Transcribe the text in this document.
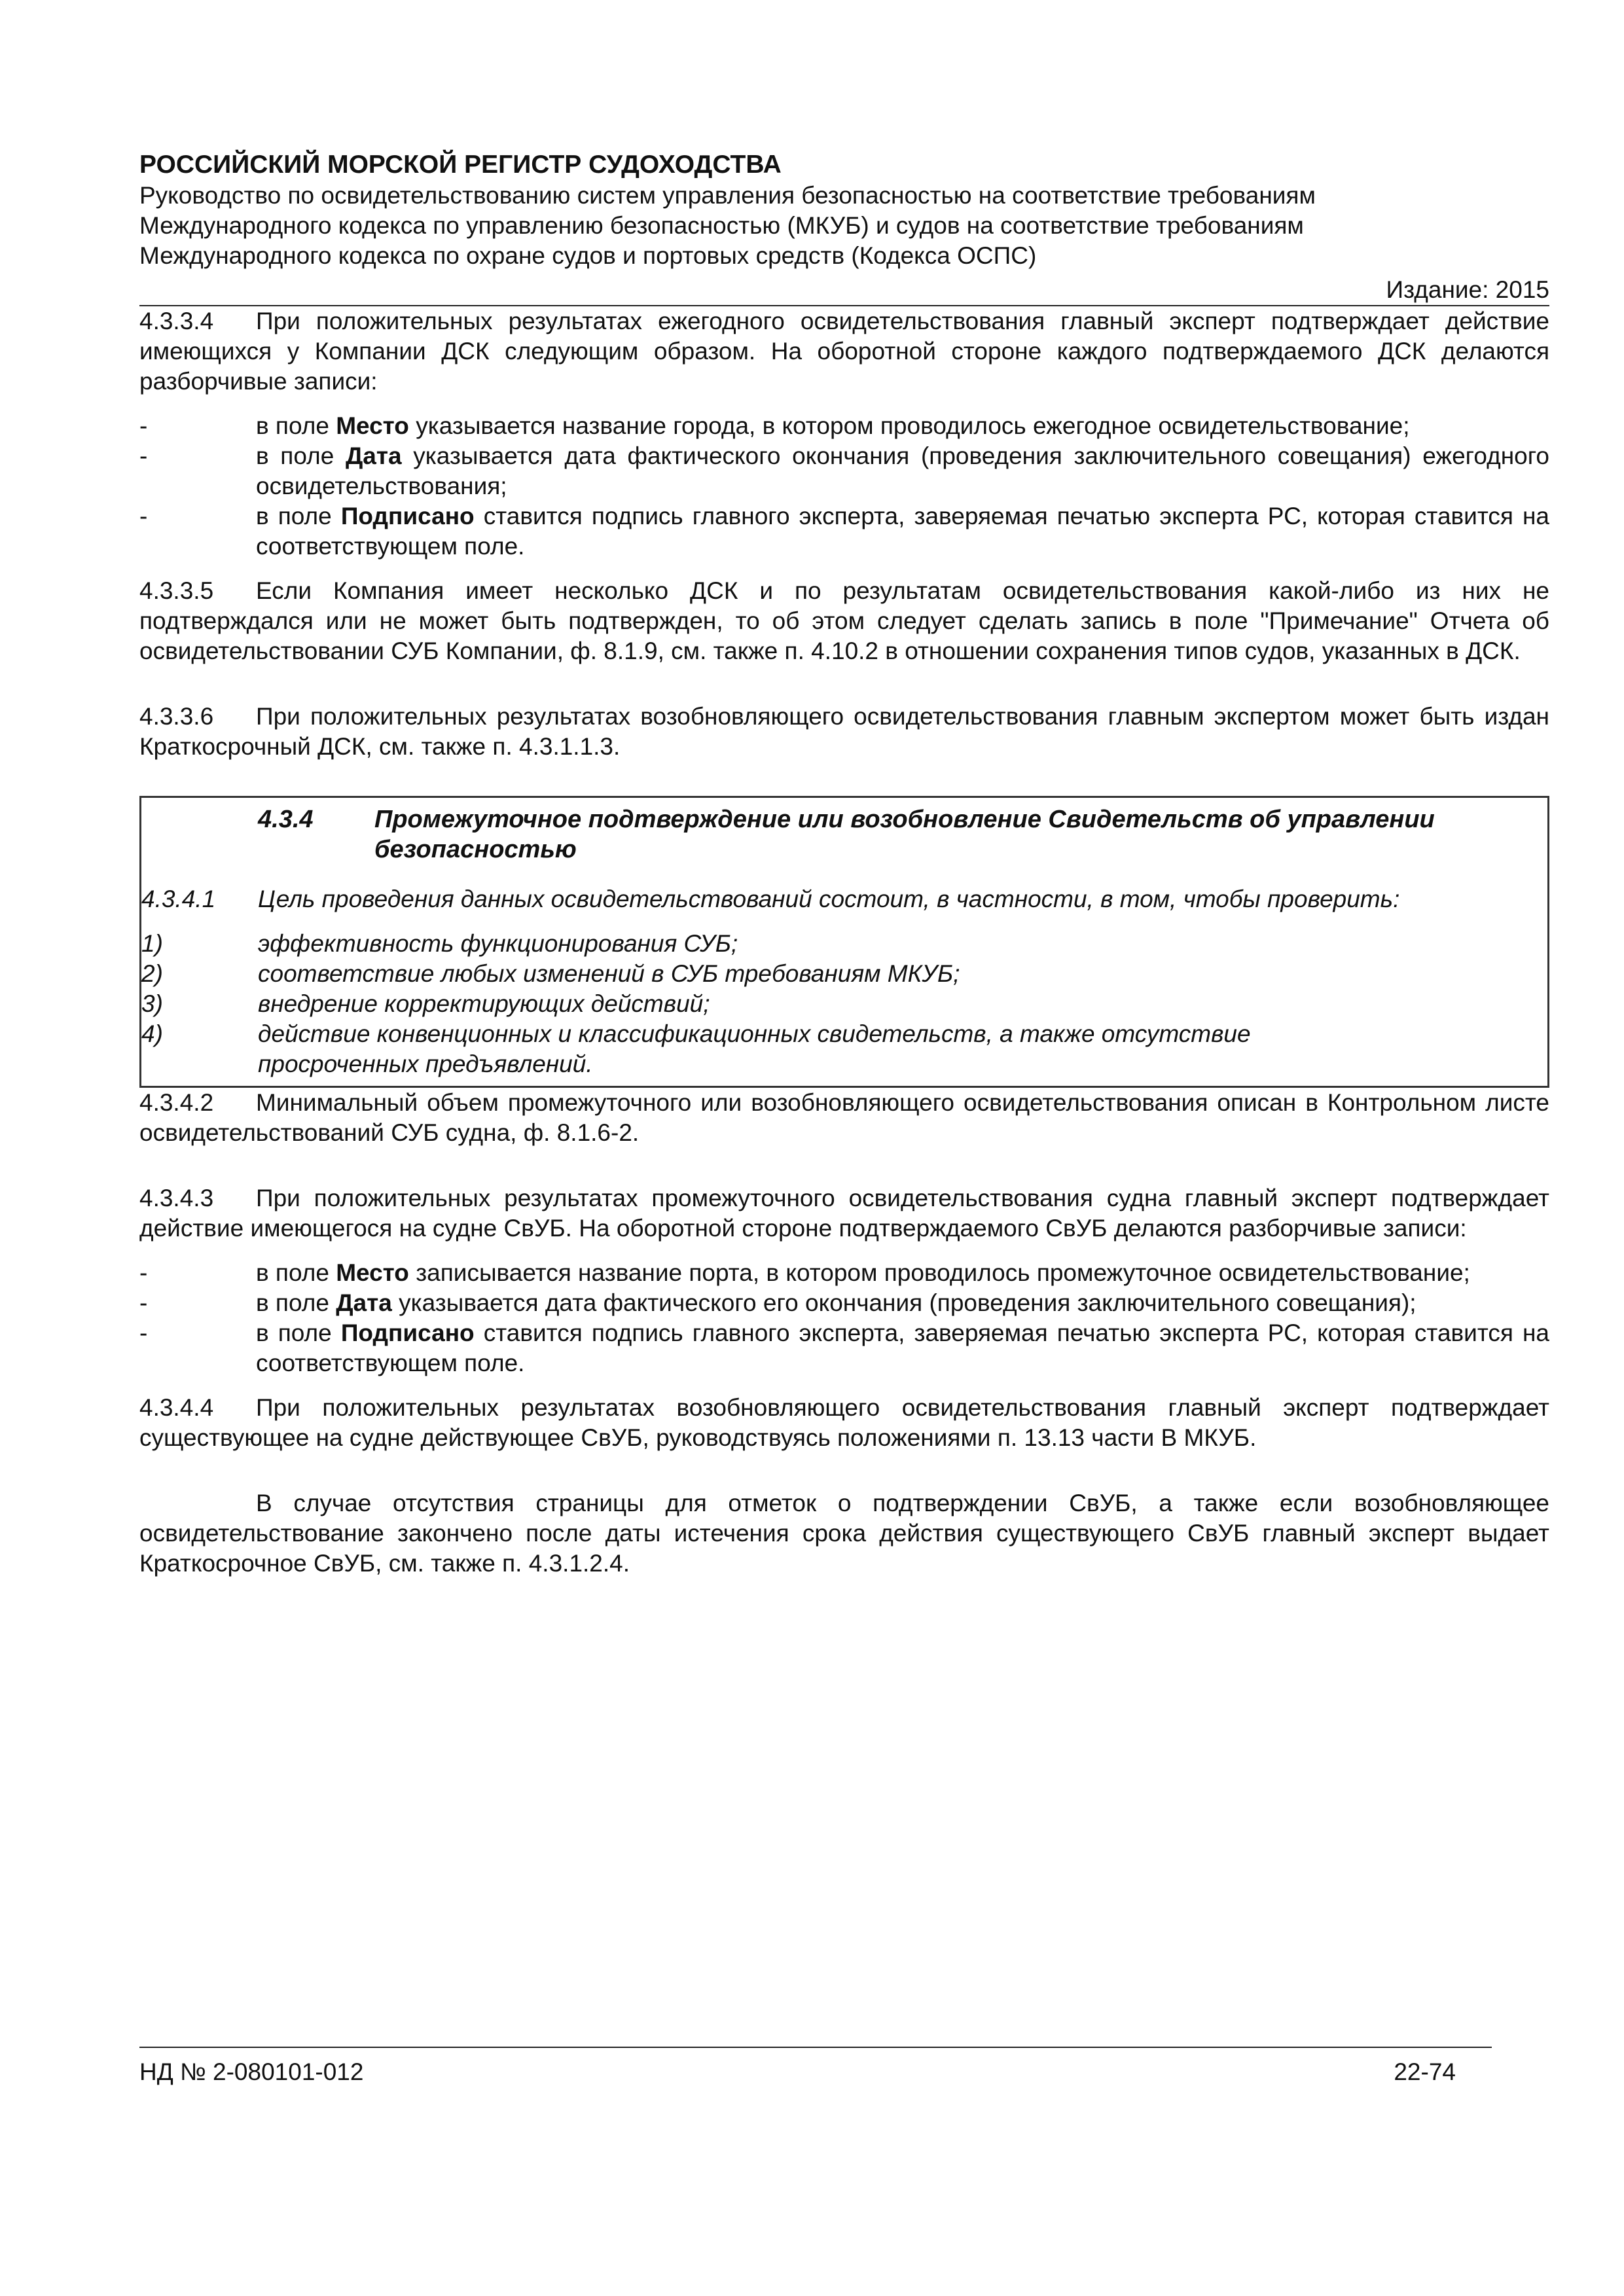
РОССИЙСКИЙ МОРСКОЙ РЕГИСТР СУДОХОДСТВА
Руководство по освидетельствованию систем управления безопасностью на соответствие требованиям
Международного кодекса по управлению безопасностью (МКУБ) и судов на соответствие требованиям
Международного кодекса по охране судов и портовых средств (Кодекса ОСПС)
Издание: 2015

4.3.3.4 При положительных результатах ежегодного освидетельствования главный эксперт подтверждает действие имеющихся у Компании ДСК следующим образом. На оборотной стороне каждого подтверждаемого ДСК делаются разборчивые записи:

-	в поле Место указывается название города, в котором проводилось ежегодное освидетельствование;
-	в поле Дата указывается дата фактического окончания (проведения заключительного совещания) ежегодного освидетельствования;
-	в поле Подписано ставится подпись главного эксперта, заверяемая печатью эксперта РС, которая ставится на соответствующем поле.

4.3.3.5 Если Компания имеет несколько ДСК и по результатам освидетельствования какой-либо из них не подтверждался или не может быть подтвержден, то об этом следует сделать запись в поле "Примечание" Отчета об освидетельствовании СУБ Компании, ф. 8.1.9, см. также п. 4.10.2 в отношении сохранения типов судов, указанных в ДСК.

4.3.3.6 При положительных результатах возобновляющего освидетельствования главным экспертом может быть издан Краткосрочный ДСК, см. также п. 4.3.1.1.3.

4.3.4	Промежуточное подтверждение или возобновление Свидетельств об управлении безопасностью

4.3.4.1 Цель проведения данных освидетельствований состоит, в частности, в том, чтобы проверить:

1)	эффективность функционирования СУБ;
2)	соответствие любых изменений в СУБ требованиям МКУБ;
3)	внедрение корректирующих действий;
4)	действие конвенционных и классификационных свидетельств, а также отсутствие просроченных предъявлений.

4.3.4.2 Минимальный объем промежуточного или возобновляющего освидетельствования описан в Контрольном листе освидетельствований СУБ судна, ф. 8.1.6-2.

4.3.4.3 При положительных результатах промежуточного освидетельствования судна главный эксперт подтверждает действие имеющегося на судне СвУБ. На оборотной стороне подтверждаемого СвУБ делаются разборчивые записи:

-	в поле Место записывается название порта, в котором проводилось промежуточное освидетельствование;
-	в поле Дата указывается дата фактического его окончания (проведения заключительного совещания);
-	в поле Подписано ставится подпись главного эксперта, заверяемая печатью эксперта РС, которая ставится на соответствующем поле.

4.3.4.4 При положительных результатах возобновляющего освидетельствования главный эксперт подтверждает существующее на судне действующее СвУБ, руководствуясь положениями п. 13.13 части В МКУБ.

В случае отсутствия страницы для отметок о подтверждении СвУБ, а также если возобновляющее освидетельствование закончено после даты истечения срока действия существующего СвУБ главный эксперт выдает Краткосрочное СвУБ, см. также п. 4.3.1.2.4.

НД № 2-080101-012	22-74
